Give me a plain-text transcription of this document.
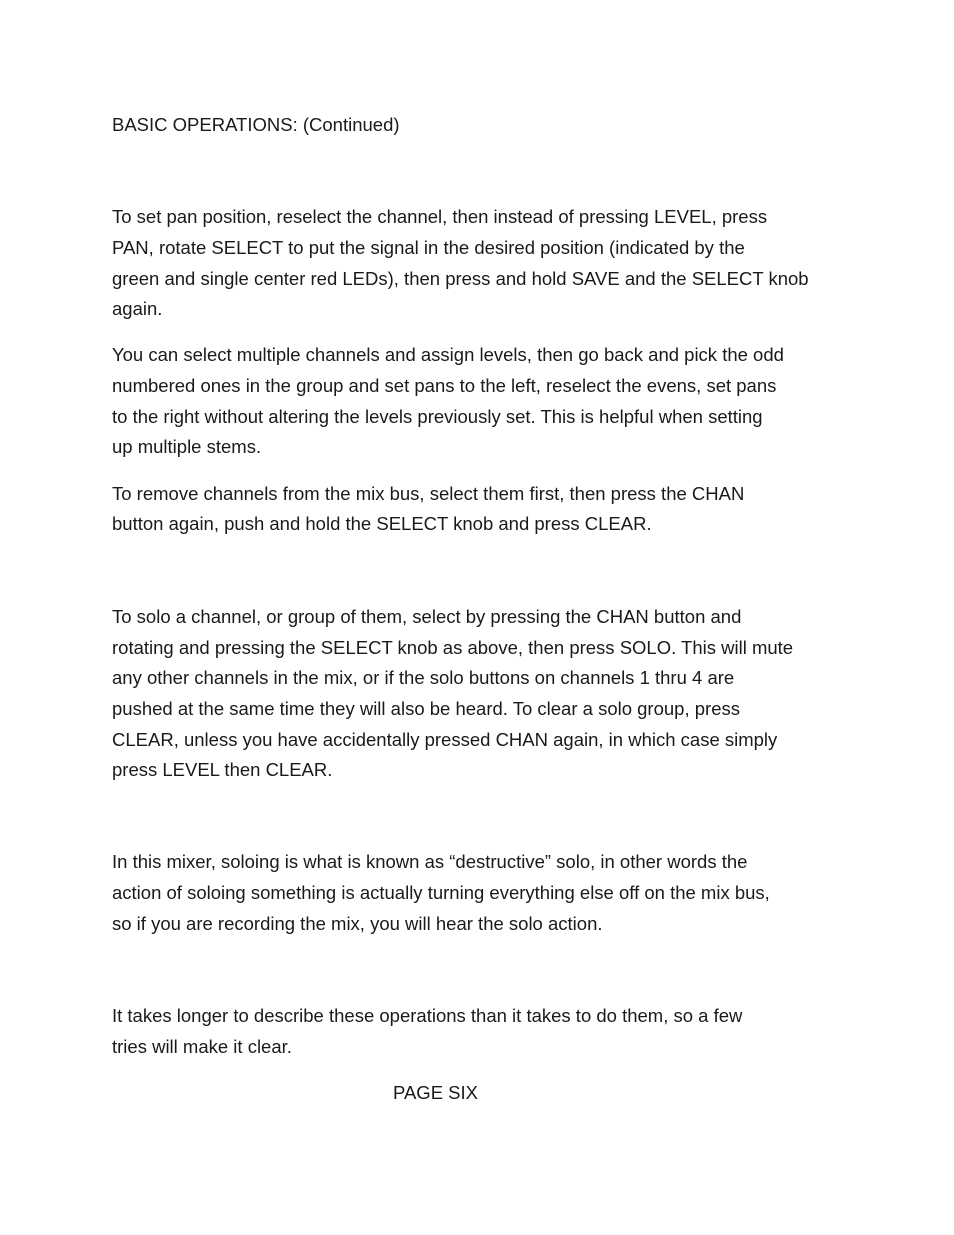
BASIC OPERATIONS: (Continued)
To set pan position, reselect the channel, then instead of pressing LEVEL, press
PAN, rotate SELECT to put the signal in the desired position (indicated by the
green and single center red LEDs), then press and hold SAVE and the SELECT knob
again.
You can select multiple channels and assign levels, then go back and pick the odd
numbered ones in the group and set pans to the left, reselect the evens, set pans
to the right without altering the levels previously set. This is helpful when setting
up multiple stems.
To remove channels from the mix bus, select them first, then press the CHAN
button again, push and hold the SELECT knob and press CLEAR.
To solo a channel, or group of them, select by pressing the CHAN button and
rotating and pressing the SELECT knob as above, then press SOLO. This will mute
any other channels in the mix, or if the solo buttons on channels 1 thru 4 are
pushed at the same time they will also be heard. To clear a solo group, press
CLEAR, unless you have accidentally pressed CHAN again, in which case simply
press LEVEL then CLEAR.
In this mixer, soloing is what is known as “destructive” solo, in other words the
action of soloing something is actually turning everything else off on the mix bus,
so if you are recording the mix, you will hear the solo action.
It takes longer to describe these operations than it takes to do them, so a few
tries will make it clear.
PAGE SIX
